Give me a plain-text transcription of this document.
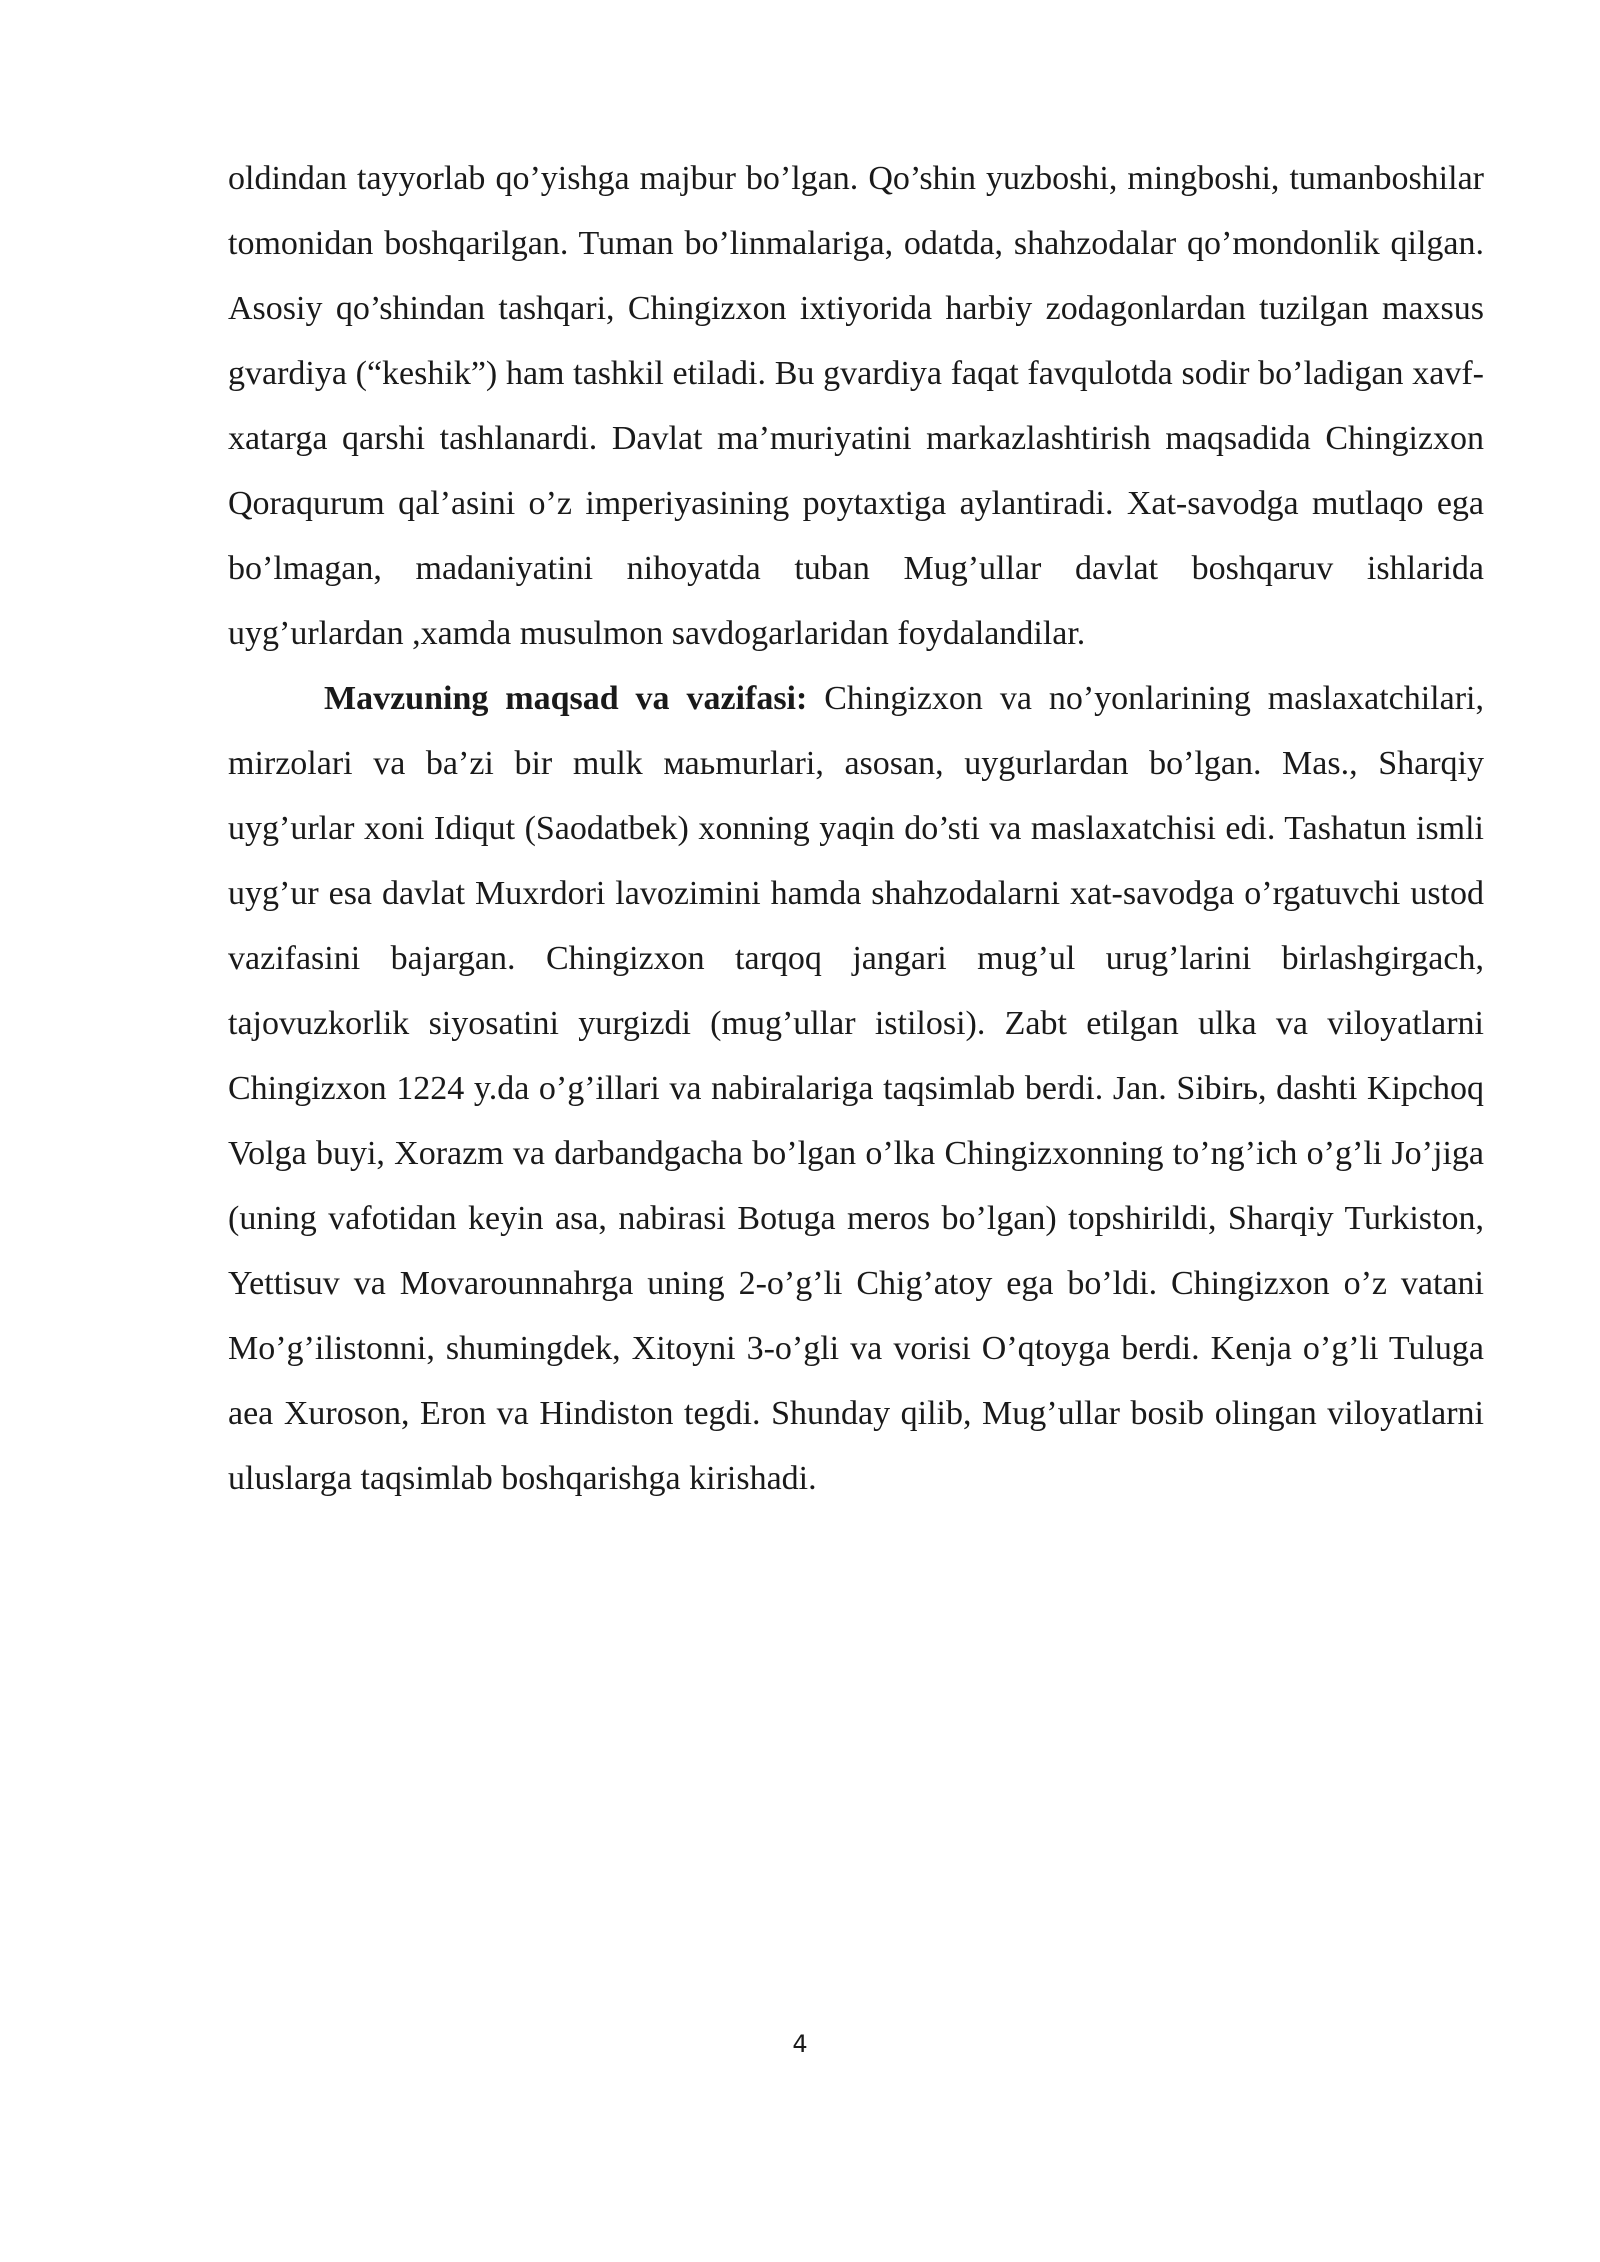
oldindan tayyorlab qo’yishga majbur bo’lgan. Qo’shin yuzboshi, mingboshi, tumanboshilar tomonidan boshqarilgan. Tuman bo’linmalariga, odatda, shahzodalar qo’mondonlik qilgan. Asosiy qo’shindan tashqari, Chingizxon ixtiyorida harbiy zodagonlardan tuzilgan maxsus gvardiya (“keshik”) ham tashkil etiladi. Bu gvardiya faqat favqulotda sodir bo’ladigan xavf-xatarga qarshi tashlanardi. Davlat ma’muriyatini markazlashtirish maqsadida Chingizxon Qoraqurum qal’asini o’z imperiyasining poytaxtiga aylantiradi. Xat-savodga mutlaqo ega bo’lmagan, madaniyatini nihoyatda tuban Mug’ullar davlat boshqaruv ishlarida uyg’urlardan ,xamda musulmon savdogarlaridan foydalandilar.

Mavzuning maqsad va vazifasi: Chingizxon va no’yonlarining maslaxatchilari, mirzolari va ba’zi bir mulk маьmurlari, asosan, uygurlardan bo’lgan. Mas., Sharqiy uyg’urlar xoni Idiqut (Saodatbek) xonning yaqin do’sti va maslaxatchisi edi. Tashatun ismli uyg’ur esa davlat Muxrdori lavozimini hamda shahzodalarni xat-savodga o’rgatuvchi ustod vazifasini bajargan. Chingizxon tarqoq jangari mug’ul urug’larini birlashgirgach, tajovuzkorlik siyosatini yurgizdi (mug’ullar istilosi). Zabt etilgan ulka va viloyatlarni Chingizxon 1224 y.da o’g’illari va nabiralariga taqsimlab berdi. Jan. Sibirь, dashti Kipchoq Volga buyi, Xorazm va darbandgacha bo’lgan o’lka Chingizxonning to’ng’ich o’g’li Jo’jiga (uning vafotidan keyin asa, nabirasi Botuga meros bo’lgan) topshirildi, Sharqiy Turkiston, Yettisuv va Movarounnahrga uning 2-o’g’li Chig’atoy ega bo’ldi. Chingizxon o’z vatani Mo’g’ilistonni, shumingdek, Xitoyni 3-o’gli va vorisi O’qtoyga berdi. Kenja o’g’li Tuluga aea Xuroson, Eron va Hindiston tegdi. Shunday qilib, Mug’ullar bosib olingan viloyatlarni uluslarga taqsimlab boshqarishga kirishadi.

4
